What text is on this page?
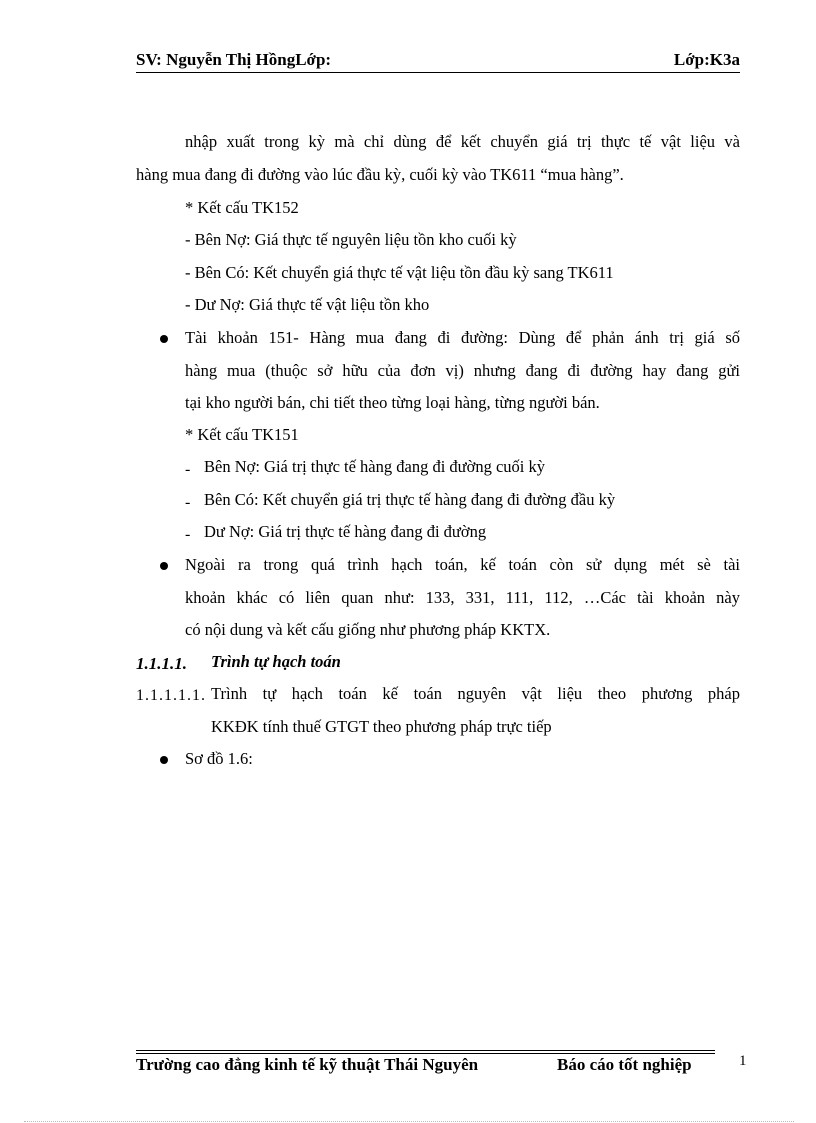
SV: Nguyễn Thị HồngLớp:	Lớp:K3a
nhập xuất trong kỳ mà chỉ dùng để kết chuyển giá trị thực tế vật liệu và
hàng mua đang đi đường vào lúc đầu kỳ, cuối kỳ vào TK611 “mua hàng”.
* Kết cấu TK152
- Bên Nợ: Giá thực tế nguyên liệu tồn kho cuối kỳ
- Bên Có: Kết chuyển giá thực tế vật liệu tồn đầu kỳ sang TK611
- Dư Nợ: Giá thực tế vật liệu tồn kho
Tài khoản 151- Hàng mua đang đi đường: Dùng để phản ánh trị giá số
hàng mua (thuộc sở hữu của đơn vị) nhưng đang đi đường hay đang gửi
tại kho người bán, chi tiết theo từng loại hàng, từng người bán.
* Kết cấu TK151
- Bên Nợ: Giá trị thực tế hàng đang đi đường cuối kỳ
- Bên Có: Kết chuyển giá trị thực tế hàng đang đi đường đầu kỳ
- Dư Nợ: Giá trị thực tế hàng đang đi đường
Ngoài ra trong quá trình hạch toán, kế toán còn sử dụng mét sè tài
khoản khác có liên quan như: 133, 331, 111, 112, …Các tài khoản này
có nội dung và kết cấu giống như phương pháp KKTX.
1.1.1.1. Trình tự hạch toán
1.1.1.1.1. Trình tự hạch toán kế toán nguyên vật liệu theo phương pháp
KKĐK tính thuế GTGT theo phương pháp trực tiếp
Sơ đồ 1.6:
Trường cao đẳng kinh tế kỹ thuật Thái Nguyên	Báo cáo tốt nghiệp	1
